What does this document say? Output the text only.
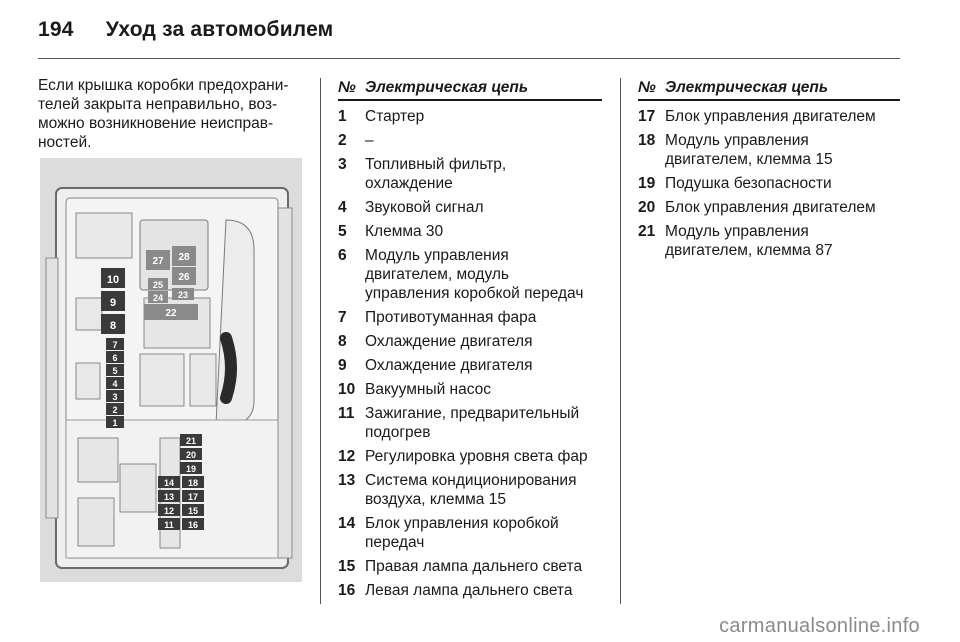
194 Уход за автомобилем

Если крышка коробки предохрани-

телей закрыта неправильно, воз-

можно возникновение неисправ-

ностей.

10
9
8
7
6
5
4
3
2
1
27 28
26
25
24 23
22
21
20
19
14 18
13 17
12 15
11 16
№ Электрическая цепь
1	Стартер
2	–
3	Топливный фильтр,
охлаждение
4	Звуковой сигнал
5	Клемма 30
6	Модуль управления
двигателем, модуль
управления коробкой передач
7	Противотуманная фара
8	Охлаждение двигателя
9	Охлаждение двигателя
10 Вакуумный насос
11 Зажигание, предварительный
подогрев
12 Регулировка уровня света фар
13 Система кондиционирования
воздуха, клемма 15
14 Блок управления коробкой
передач
15 Правая лампа дальнего света
16 Левая лампа дальнего света
№ Электрическая цепь
17 Блок управления двигателем
18 Модуль управления
двигателем, клемма 15
19 Подушка безопасности
20 Блок управления двигателем
21 Модуль управления
двигателем, клемма 87
carmanualsonline.info
